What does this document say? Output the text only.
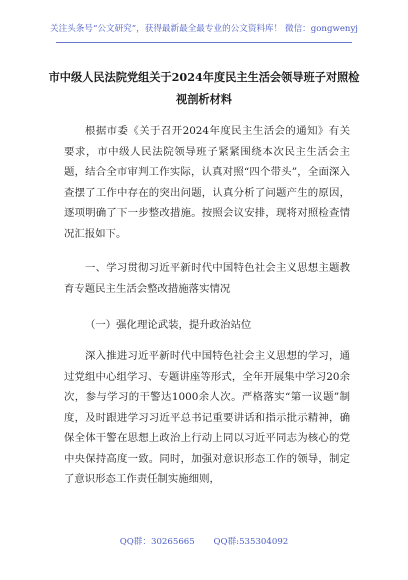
关注头条号“公文研究”，获得最新最全最专业的公文资料库！ 微信：gongwenyj
市中级人民法院党组关于2024年度民主生活会领导班子对照检视剖析材料
根据市委《关于召开2024年度民主生活会的通知》有关要求，市中级人民法院领导班子紧紧围绕本次民主生活会主题，结合全市审判工作实际，认真对照“四个带头”，全面深入查摆了工作中存在的突出问题，认真分析了问题产生的原因，逐项明确了下一步整改措施。按照会议安排，现将对照检查情况汇报如下。
一、学习贯彻习近平新时代中国特色社会主义思想主题教育专题民主生活会整改措施落实情况
（一）强化理论武装，提升政治站位
深入推进习近平新时代中国特色社会主义思想的学习，通过党组中心组学习、专题讲座等形式，全年开展集中学习20余次，参与学习的干警达1000余人次。严格落实“第一议题”制度，及时跟进学习习近平总书记重要讲话和指示批示精神，确保全体干警在思想上政治上行动上同以习近平同志为核心的党中央保持高度一致。同时，加强对意识形态工作的领导，制定了意识形态工作责任制实施细则，
QQ群：30265665 QQ群:535304092
